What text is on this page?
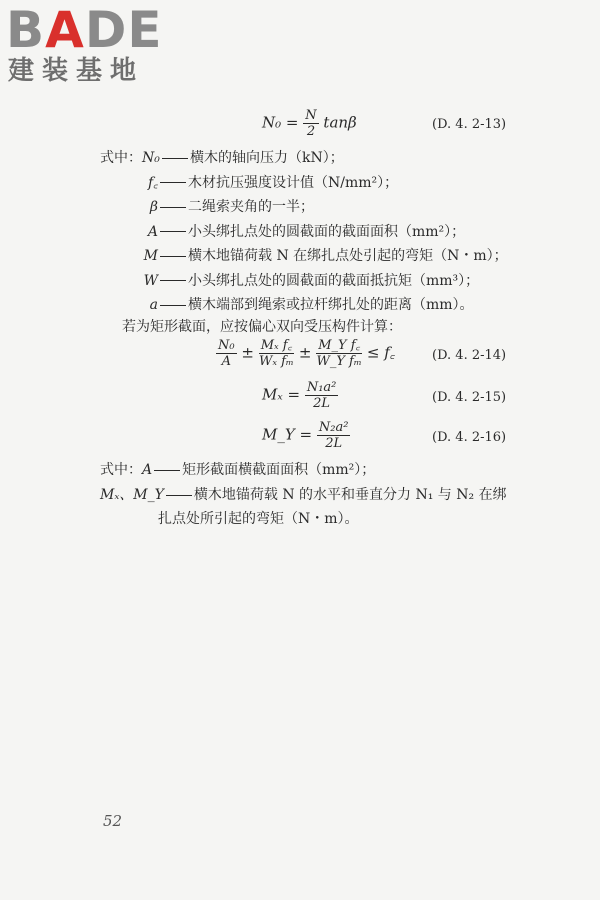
BADE
建装基地
$N_0 = \frac{N}{2}$ tanβ	(D. 4. 2-13)
式中：N₀ 横木的轴向压力（kN）；
f꜀ 木材抗压强度设计值（N/mm²）；
β 二绳索夹角的一半；
A 小头绑扎点处的圆截面的截面面积（mm²）；
M 横木地锚荷载 N 在绑扎点处引起的弯矩（N・m）；
W 小头绑扎点处的圆截面的截面抵抗矩（mm³）；
a 横木端部到绳索或拉杆绑扎处的距离（mm）。
若为矩形截面，应按偏心双向受压构件计算：
$\frac{\text{N₀}}{A} \pm \frac{\text{Mₓ f꜀}}{\text{Wₓ fₘ}} \pm \frac{\text{M\_Y f꜀}}{\text{W\_Y fₘ}}$ ≤ f꜀	(D. 4. 2-14)
$M_x = \frac{\text{N₁a²}}{2L}$	(D. 4. 2-15)
M_Y = $\frac{\text{N₂a²}}{2L}$	(D. 4. 2-16)
式中：A 矩形截面横截面面积（mm²）；
Mₓ、M_Y 横木地锚荷载 N 的水平和垂直分力 N₁ 与 N₂ 在绑
扎点处所引起的弯矩（N・m）。
52
